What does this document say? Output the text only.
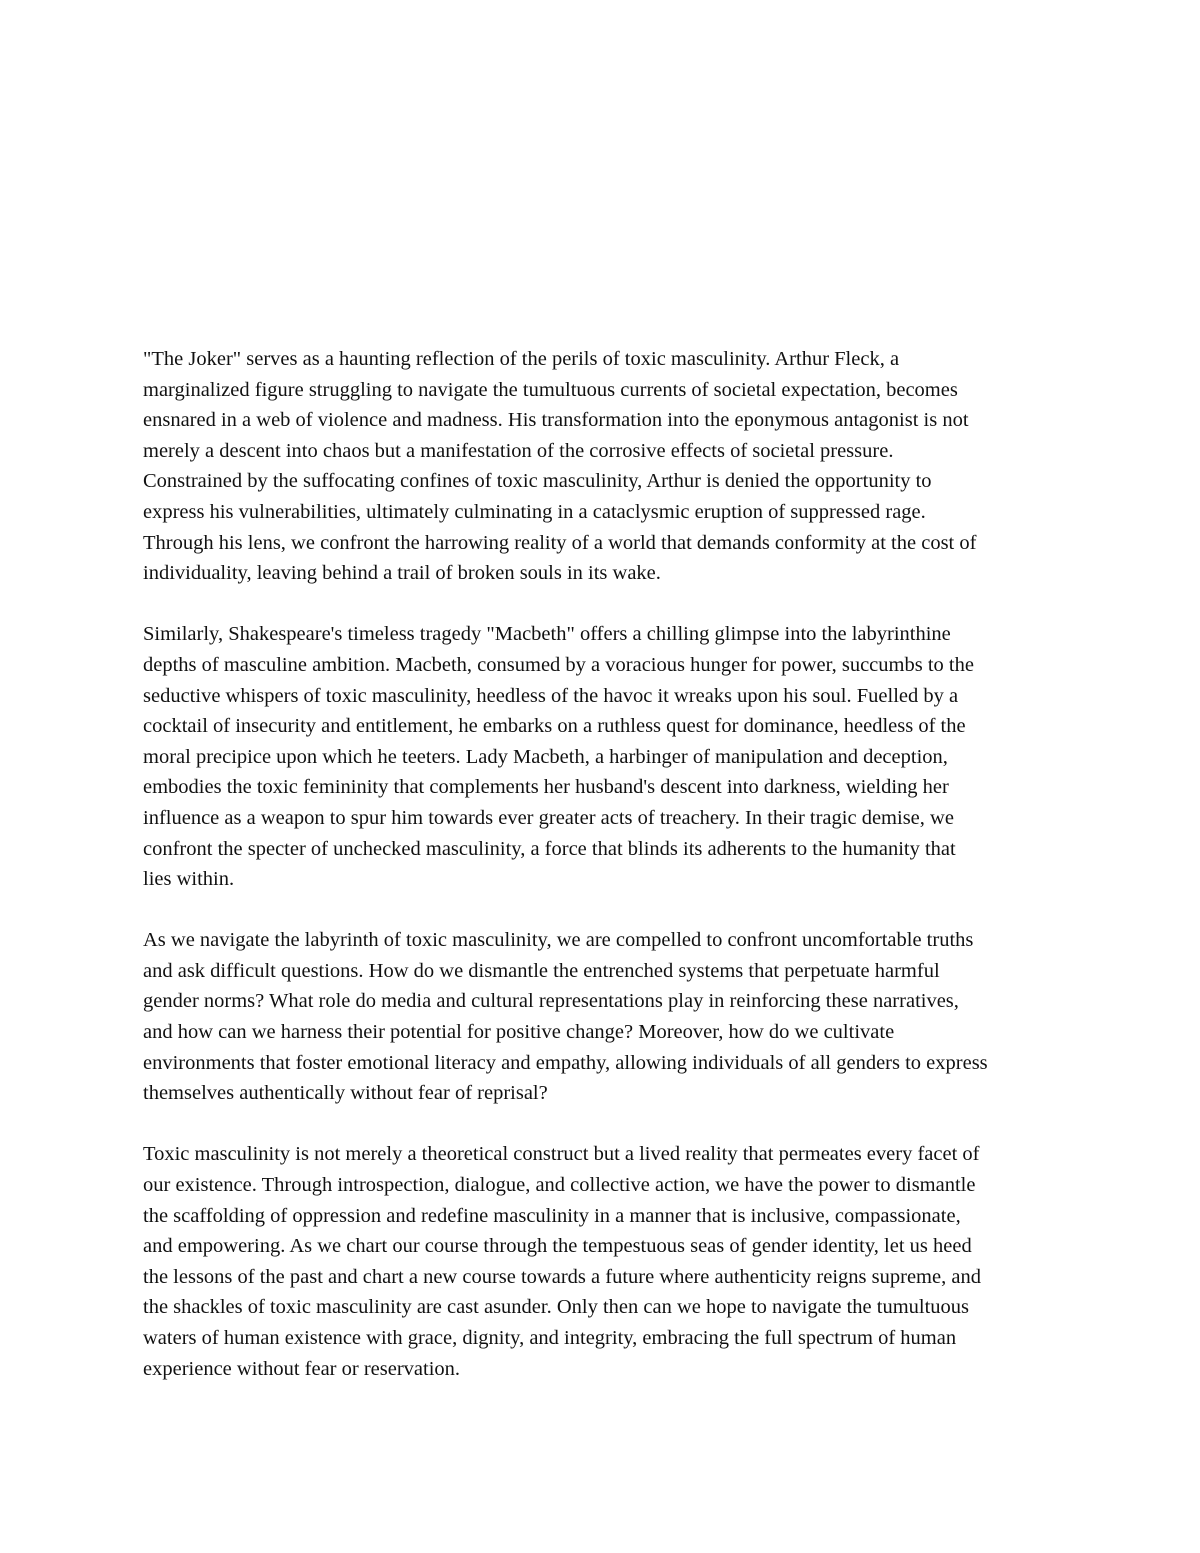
"The Joker" serves as a haunting reflection of the perils of toxic masculinity. Arthur Fleck, a
marginalized figure struggling to navigate the tumultuous currents of societal expectation, becomes
ensnared in a web of violence and madness. His transformation into the eponymous antagonist is not
merely a descent into chaos but a manifestation of the corrosive effects of societal pressure.
Constrained by the suffocating confines of toxic masculinity, Arthur is denied the opportunity to
express his vulnerabilities, ultimately culminating in a cataclysmic eruption of suppressed rage.
Through his lens, we confront the harrowing reality of a world that demands conformity at the cost of
individuality, leaving behind a trail of broken souls in its wake.
Similarly, Shakespeare's timeless tragedy "Macbeth" offers a chilling glimpse into the labyrinthine
depths of masculine ambition. Macbeth, consumed by a voracious hunger for power, succumbs to the
seductive whispers of toxic masculinity, heedless of the havoc it wreaks upon his soul. Fuelled by a
cocktail of insecurity and entitlement, he embarks on a ruthless quest for dominance, heedless of the
moral precipice upon which he teeters. Lady Macbeth, a harbinger of manipulation and deception,
embodies the toxic femininity that complements her husband's descent into darkness, wielding her
influence as a weapon to spur him towards ever greater acts of treachery. In their tragic demise, we
confront the specter of unchecked masculinity, a force that blinds its adherents to the humanity that
lies within.
As we navigate the labyrinth of toxic masculinity, we are compelled to confront uncomfortable truths
and ask difficult questions. How do we dismantle the entrenched systems that perpetuate harmful
gender norms? What role do media and cultural representations play in reinforcing these narratives,
and how can we harness their potential for positive change? Moreover, how do we cultivate
environments that foster emotional literacy and empathy, allowing individuals of all genders to express
themselves authentically without fear of reprisal?
Toxic masculinity is not merely a theoretical construct but a lived reality that permeates every facet of
our existence. Through introspection, dialogue, and collective action, we have the power to dismantle
the scaffolding of oppression and redefine masculinity in a manner that is inclusive, compassionate,
and empowering. As we chart our course through the tempestuous seas of gender identity, let us heed
the lessons of the past and chart a new course towards a future where authenticity reigns supreme, and
the shackles of toxic masculinity are cast asunder. Only then can we hope to navigate the tumultuous
waters of human existence with grace, dignity, and integrity, embracing the full spectrum of human
experience without fear or reservation.
